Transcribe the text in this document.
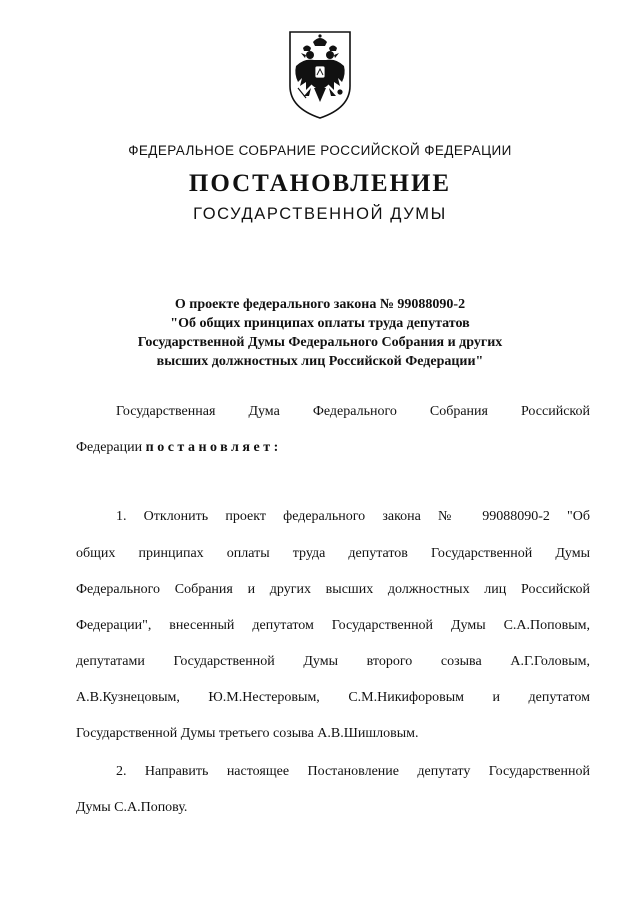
ФЕДЕРАЛЬНОЕ СОБРАНИЕ РОССИЙСКОЙ ФЕДЕРАЦИИ
ПОСТАНОВЛЕНИЕ
ГОСУДАРСТВЕННОЙ ДУМЫ
О проекте федерального закона № 99088090-2
"Об общих принципах оплаты труда депутатов
Государственной Думы Федерального Собрания и других
высших должностных лиц Российской Федерации"
Государственная Дума Федерального Собрания Российской
Федерации постановляет:
1. Отклонить проект федерального закона № 99088090-2 "Об
общих принципах оплаты труда депутатов Государственной Думы
Федерального Собрания и других высших должностных лиц Российской
Федерации", внесенный депутатом Государственной Думы С.А.Поповым,
депутатами Государственной Думы второго созыва А.Г.Головым,
А.В.Кузнецовым, Ю.М.Нестеровым, С.М.Никифоровым и депутатом
Государственной Думы третьего созыва А.В.Шишловым.
2. Направить настоящее Постановление депутату Государственной
Думы С.А.Попову.
